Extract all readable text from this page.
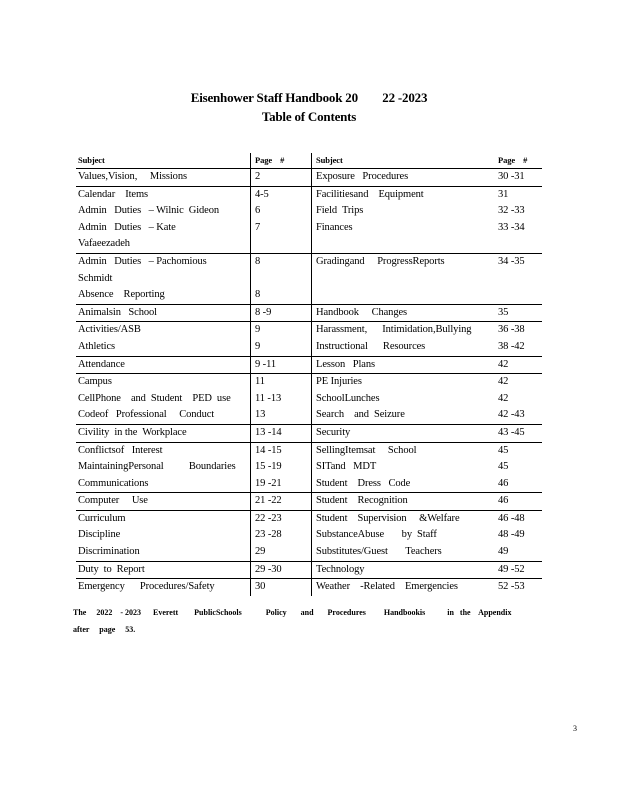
Eisenhower Staff Handbook 20        22 -2023
Table of Contents
Subject	Page    #	Subject	Page    #
Values,Vision,     Missions	2	Exposure   Procedures	30 -31
Calendar    Items	4-5	Facilitiesand    Equipment	31
Admin   Duties   – Wilnic  Gideon	6	Field  Trips	32 -33
Admin   Duties   – Kate	7	Finances	33 -34
Vafaeezadeh			
Admin   Duties   – Pachomious	8	Gradingand     ProgressReports	34 -35
Schmidt			
Absence    Reporting	8		
Animalsin   School	8 -9	Handbook     Changes	35
Activities/ASB	9	Harassment,      Intimidation,Bullying	36 -38
Athletics	9	Instructional      Resources	38 -42
Attendance	9 -11	Lesson   Plans	42
Campus	11	PE Injuries	42
CellPhone    and  Student    PED  use	11 -13	SchoolLunches	42
Codeof   Professional     Conduct	13	Search    and  Seizure	42 -43
Civility  in the  Workplace	13 -14	Security	43 -45
Conflictsof   Interest	14 -15	SellingItemsat     School	45
MaintainingPersonal          Boundaries	15 -19	SITand   MDT	45
Communications	19 -21	Student    Dress   Code	46
Computer     Use	21 -22	Student    Recognition	46
Curriculum	22 -23	Student    Supervision     &Welfare	46 -48
Discipline	23 -28	SubstanceAbuse       by  Staff	48 -49
Discrimination	29	Substitutes/Guest       Teachers	49
Duty  to  Report	29 -30	Technology	49 -52
Emergency      Procedures/Safety	30	Weather    -Related    Emergencies	52 -53
The     2022    - 2023      Everett        PublicSchools            Policy       and       Procedures         Handbookis           in   the    Appendix
after     page     53.
3
